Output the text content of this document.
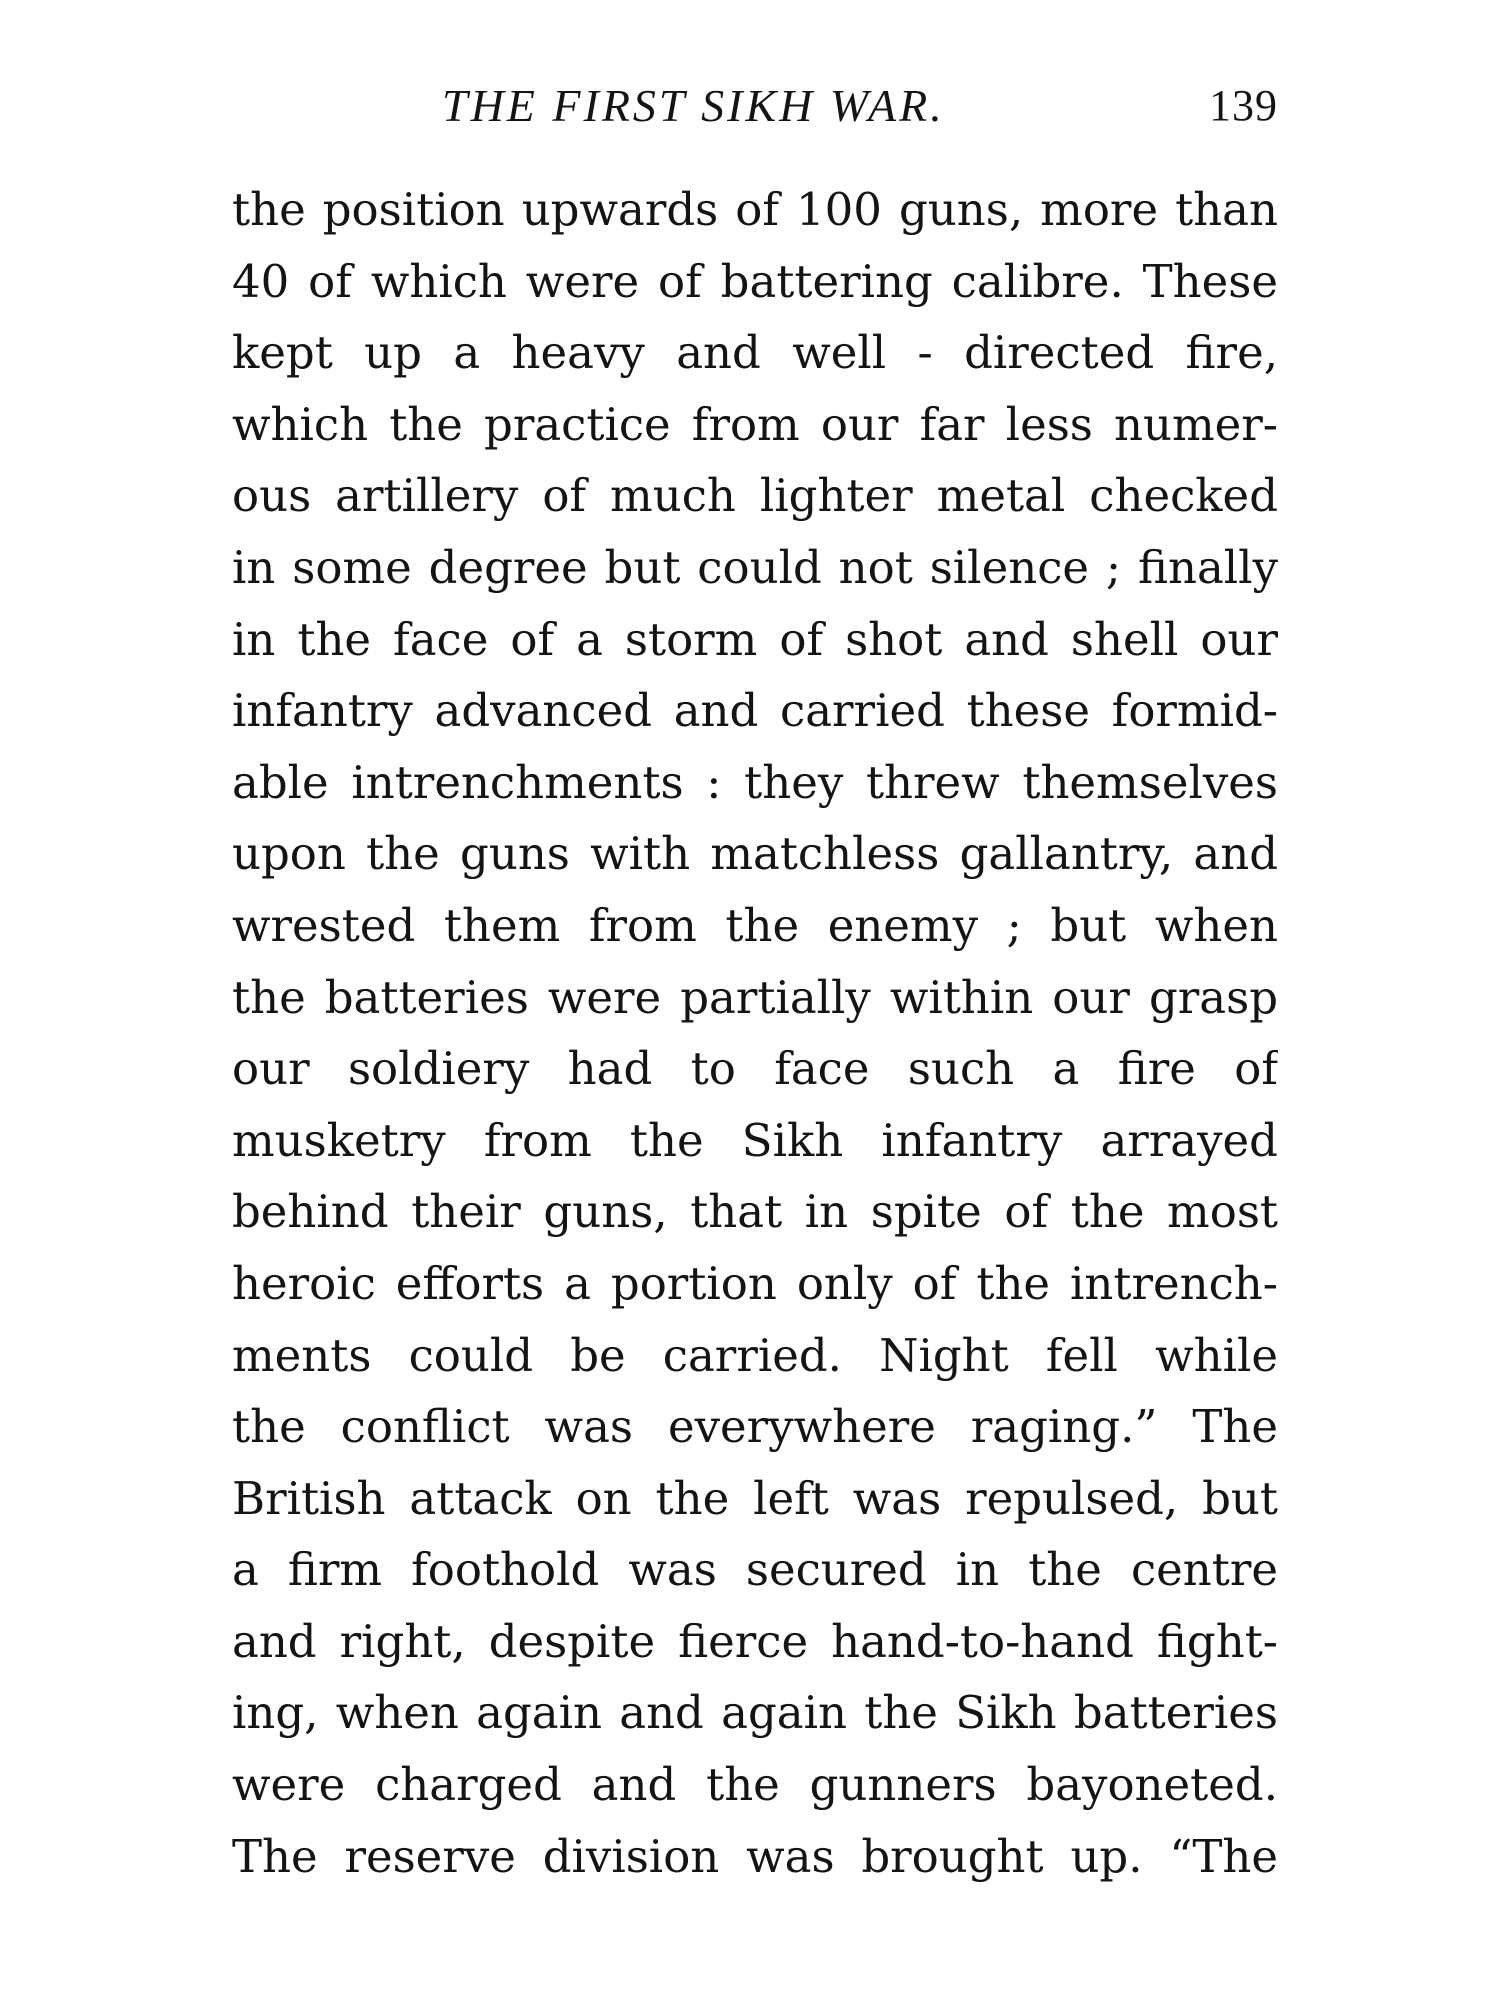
THE FIRST SIKH WAR.	139
the position upwards of 100 guns, more than
40 of which were of battering calibre. These
kept up a heavy and well - directed fire,
which the practice from our far less numer-
ous artillery of much lighter metal checked
in some degree but could not silence ; finally
in the face of a storm of shot and shell our
infantry advanced and carried these formid-
able intrenchments : they threw themselves
upon the guns with matchless gallantry, and
wrested them from the enemy ; but when
the batteries were partially within our grasp
our soldiery had to face such a fire of
musketry from the Sikh infantry arrayed
behind their guns, that in spite of the most
heroic efforts a portion only of the intrench-
ments could be carried. Night fell while
the conflict was everywhere raging.” The
British attack on the left was repulsed, but
a firm foothold was secured in the centre
and right, despite fierce hand-to-hand fight-
ing, when again and again the Sikh batteries
were charged and the gunners bayoneted.
The reserve division was brought up. “The
